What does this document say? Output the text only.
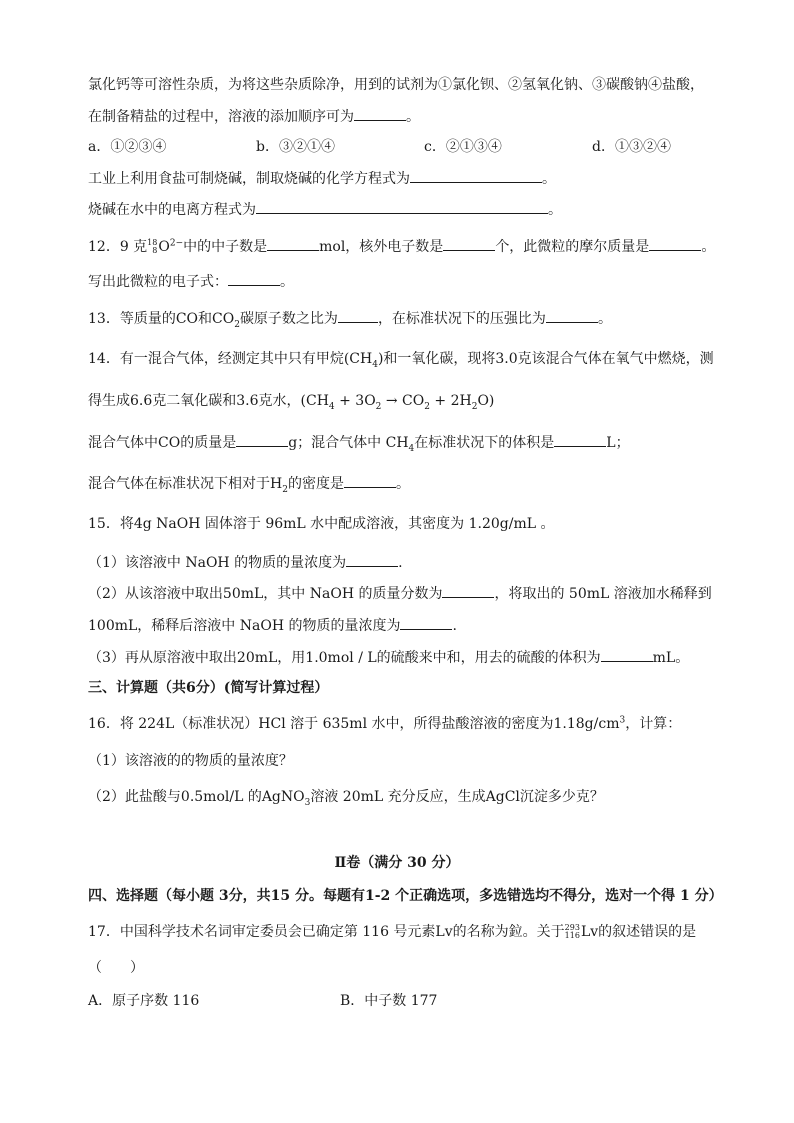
氯化钙等可溶性杂质，为将这些杂质除净，用到的试剂为①氯化钡、②氢氧化钠、③碳酸钠④盐酸，
在制备精盐的过程中，溶液的添加顺序可为	。
a．①②③④	b．③②①④	c．②①③④	d．①③②④
工业上利用食盐可制烧碱，制取烧碱的化学方程式为	。
烧碱在水中的电离方程式为	。
12．9 克 18
8 $O^{2-}$中的中子数是	mol，核外电子数是	个，此微粒的摩尔质量是	。
写出此微粒的电子式：	。
13．等质量的CO和$CO_2$碳原子数之比为	，在标准状况下的压强比为	。
14．有一混合气体，经测定其中只有甲烷$(CH_4)$和一氧化碳，现将3.0克该混合气体在氧气中燃烧，测
得生成6.6克二氧化碳和3.6克水，$(CH_4 + 3O_2 \to CO_2 + 2H_2O)$
混合气体中CO的质量是	g；混合气体中 $CH_4$在标准状况下的体积是	L；
混合气体在标准状况下相对于$H_2$的密度是	。
15．将4g NaOH 固体溶于 96mL 水中配成溶液，其密度为 1.20g/mL 。
（1）该溶液中 NaOH 的物质的量浓度为	.
（2）从该溶液中取出50mL，其中 NaOH 的质量分数为	，将取出的 50mL 溶液加水稀释到
100mL，稀释后溶液中 NaOH 的物质的量浓度为	.
（3）再从原溶液中取出20mL，用1.0mol / L的硫酸来中和，用去的硫酸的体积为	mL。
三、计算题（共6分）(简写计算过程）
16．将 224L（标准状况）HCl 溶于 635ml 水中，所得盐酸溶液的密度为$1.18g/cm^3$，计算：
（1）该溶液的的物质的量浓度？
（2）此盐酸与0.5mol/L 的AgNO$_3$溶液 20mL 充分反应，生成AgCl沉淀多少克？
Ⅱ卷（满分 30 分）
四、选择题（每小题 3分，共15 分。每题有1-2 个正确选项，多选错选均不得分，选对一个得 1 分）
17．中国科学技术名词审定委员会已确定第 116 号元素Lv的名称为鉝。关于 293
116 Lv的叙述错误的是
（　　）
A．原子序数 116	B．中子数 177
